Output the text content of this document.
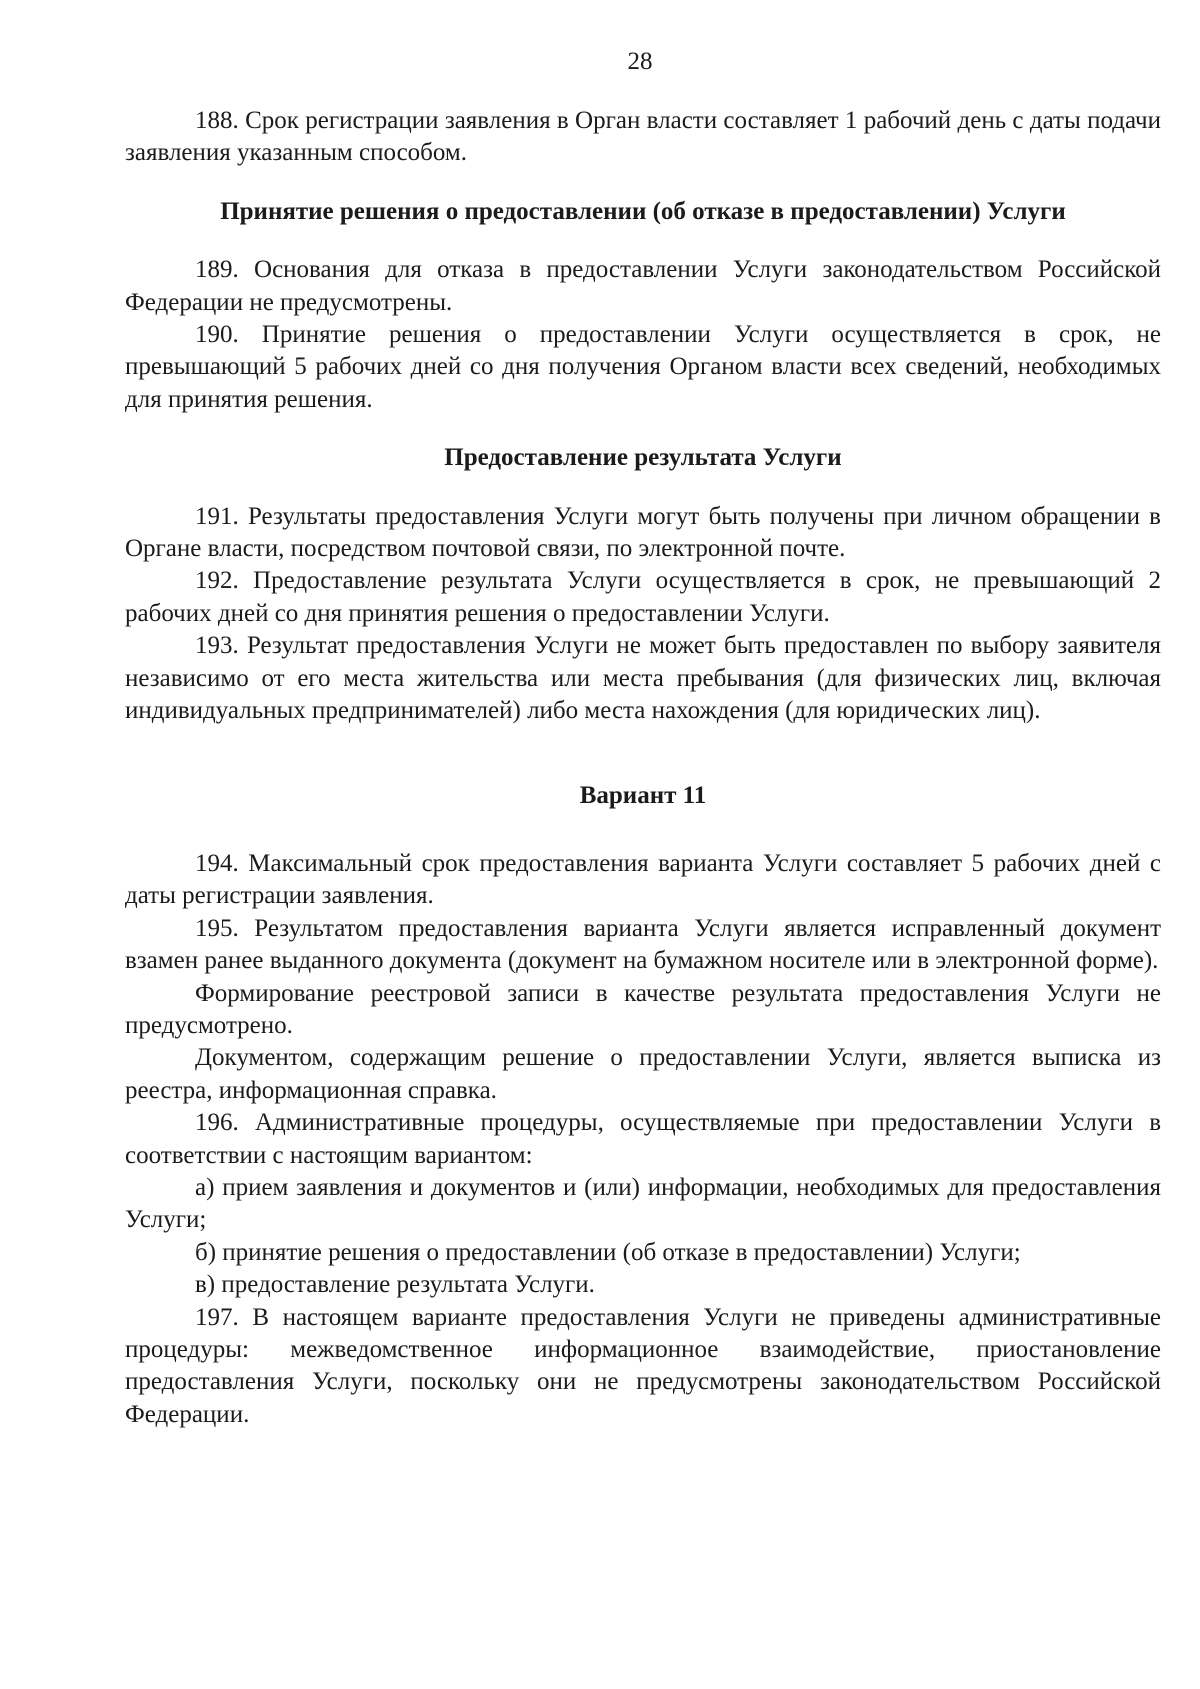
28

188. Срок регистрации заявления в Орган власти составляет 1 рабочий день с даты подачи заявления указанным способом.

Принятие решения о предоставлении (об отказе в предоставлении) Услуги

189. Основания для отказа в предоставлении Услуги законодательством Российской Федерации не предусмотрены.

190. Принятие решения о предоставлении Услуги осуществляется в срок, не превышающий 5 рабочих дней со дня получения Органом власти всех сведений, необходимых для принятия решения.

Предоставление результата Услуги

191. Результаты предоставления Услуги могут быть получены при личном обращении в Органе власти, посредством почтовой связи, по электронной почте.

192. Предоставление результата Услуги осуществляется в срок, не превышающий 2 рабочих дней со дня принятия решения о предоставлении Услуги.

193. Результат предоставления Услуги не может быть предоставлен по выбору заявителя независимо от его места жительства или места пребывания (для физических лиц, включая индивидуальных предпринимателей) либо места нахождения (для юридических лиц).

Вариант 11

194. Максимальный срок предоставления варианта Услуги составляет 5 рабочих дней с даты регистрации заявления.

195. Результатом предоставления варианта Услуги является исправленный документ взамен ранее выданного документа (документ на бумажном носителе или в электронной форме).

Формирование реестровой записи в качестве результата предоставления Услуги не предусмотрено.

Документом, содержащим решение о предоставлении Услуги, является выписка из реестра, информационная справка.

196. Административные процедуры, осуществляемые при предоставлении Услуги в соответствии с настоящим вариантом:

а) прием заявления и документов и (или) информации, необходимых для предоставления Услуги;

б) принятие решения о предоставлении (об отказе в предоставлении) Услуги;

в) предоставление результата Услуги.

197. В настоящем варианте предоставления Услуги не приведены административные процедуры: межведомственное информационное взаимодействие, приостановление предоставления Услуги, поскольку они не предусмотрены законодательством Российской Федерации.
